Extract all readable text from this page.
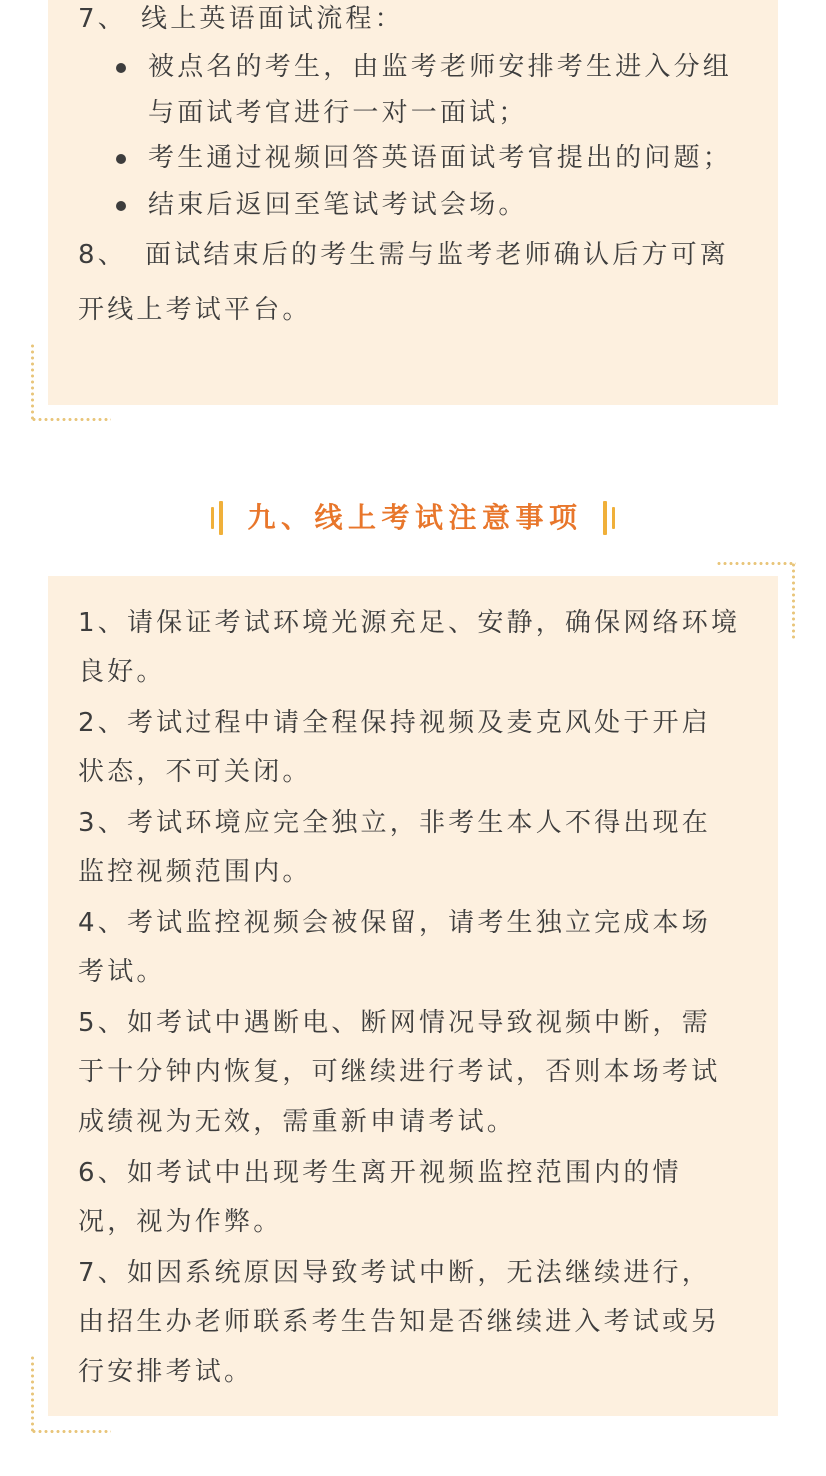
7、 线上英语面试流程：
被点名的考生，由监考老师安排考生进入分组
与面试考官进行一对一面试；
考生通过视频回答英语面试考官提出的问题；
结束后返回至笔试考试会场。
8、 面试结束后的考生需与监考老师确认后方可离
开线上考试平台。
九、线上考试注意事项
1、请保证考试环境光源充足、安静，确保网络环境
良好。
2、考试过程中请全程保持视频及麦克风处于开启
状态，不可关闭。
3、考试环境应完全独立，非考生本人不得出现在
监控视频范围内。
4、考试监控视频会被保留，请考生独立完成本场
考试。
5、如考试中遇断电、断网情况导致视频中断，需
于十分钟内恢复，可继续进行考试，否则本场考试
成绩视为无效，需重新申请考试。
6、如考试中出现考生离开视频监控范围内的情
况，视为作弊。
7、如因系统原因导致考试中断，无法继续进行，
由招生办老师联系考生告知是否继续进入考试或另
行安排考试。
